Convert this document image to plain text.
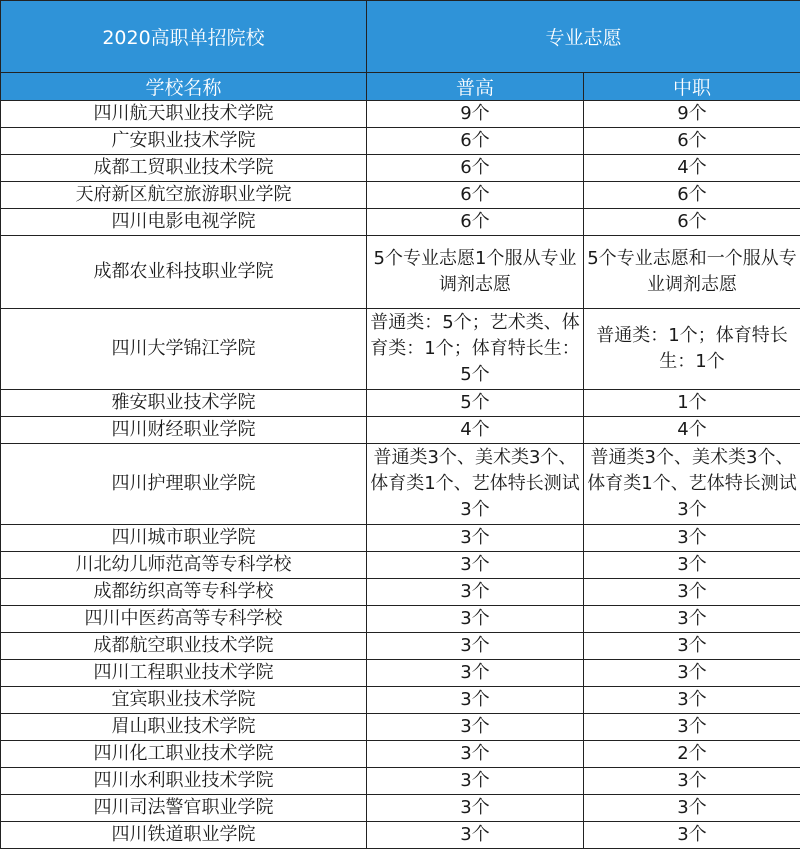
2020高职单招院校	专业志愿	
学校名称	普高	中职
四川航天职业技术学院	9个	9个
广安职业技术学院	6个	6个
成都工贸职业技术学院	6个	4个
天府新区航空旅游职业学院	6个	6个
四川电影电视学院	6个	6个
成都农业科技职业学院	5个专业志愿1个服从专业调剂志愿	5个专业志愿和一个服从专业调剂志愿
四川大学锦江学院	普通类：5个；艺术类、体育类：1个；体育特长生：5个	普通类：1个；体育特长生：1个
雅安职业技术学院	5个	1个
四川财经职业学院	4个	4个
四川护理职业学院	普通类3个、美术类3个、体育类1个、艺体特长测试3个	普通类3个、美术类3个、体育类1个、艺体特长测试3个
四川城市职业学院	3个	3个
川北幼儿师范高等专科学校	3个	3个
成都纺织高等专科学校	3个	3个
四川中医药高等专科学校	3个	3个
成都航空职业技术学院	3个	3个
四川工程职业技术学院	3个	3个
宜宾职业技术学院	3个	3个
眉山职业技术学院	3个	3个
四川化工职业技术学院	3个	2个
四川水利职业技术学院	3个	3个
四川司法警官职业学院	3个	3个
四川铁道职业学院	3个	3个
